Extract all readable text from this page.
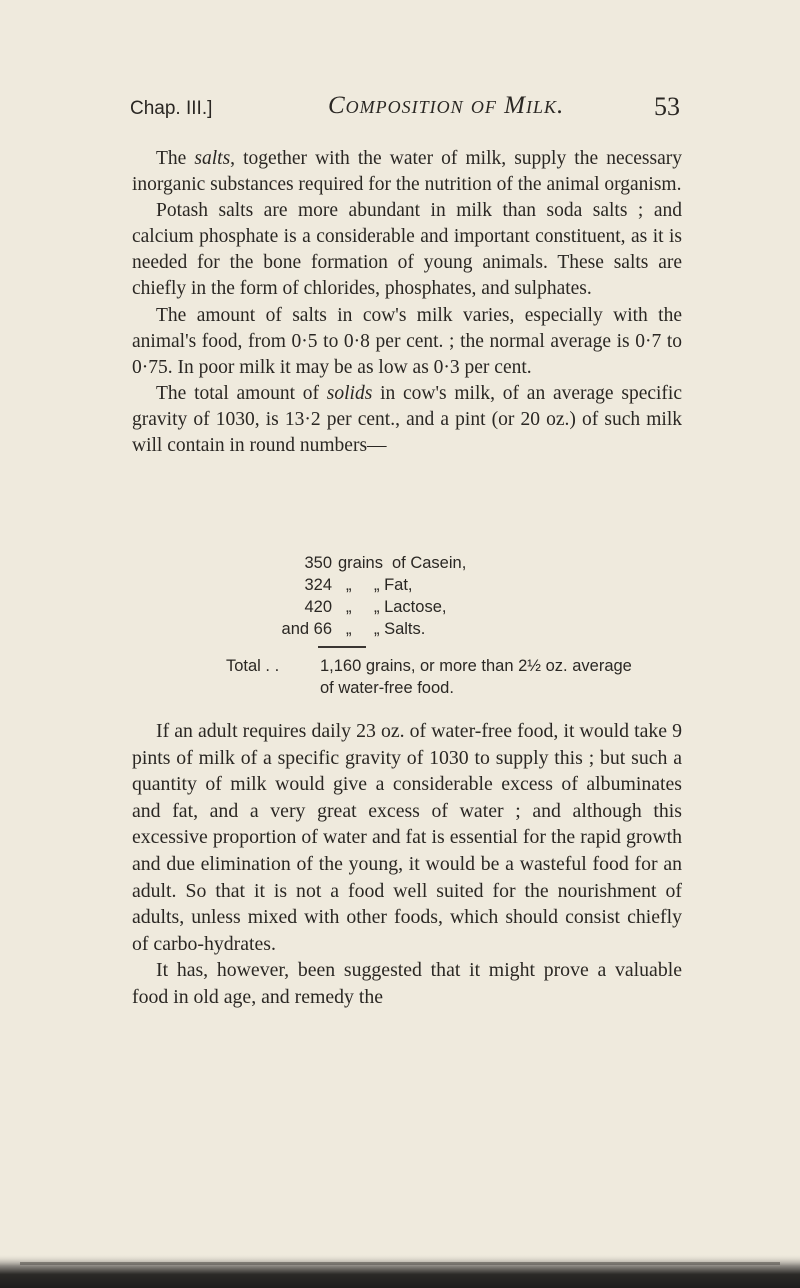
Chap. III.]	Composition of Milk.	53

The salts, together with the water of milk, supply the necessary inorganic substances required for the nutrition of the animal organism.

Potash salts are more abundant in milk than soda salts ; and calcium phosphate is a considerable and important constituent, as it is needed for the bone formation of young animals. These salts are chiefly in the form of chlorides, phosphates, and sulphates.

The amount of salts in cow's milk varies, especially with the animal's food, from 0·5 to 0·8 per cent. ; the normal average is 0·7 to 0·75. In poor milk it may be as low as 0·3 per cent.

The total amount of solids in cow's milk, of an average specific gravity of 1030, is 13·2 per cent., and a pint (or 20 oz.) of such milk will contain in round numbers—

350 grains of Casein,
324 „ „ Fat,
420 „ „ Lactose,
and 66 „ „ Salts.
Total . . 1,160 grains, or more than 2½ oz. average
of water-free food.

If an adult requires daily 23 oz. of water-free food, it would take 9 pints of milk of a specific gravity of 1030 to supply this ; but such a quantity of milk would give a considerable excess of albuminates and fat, and a very great excess of water ; and although this excessive proportion of water and fat is essential for the rapid growth and due elimination of the young, it would be a wasteful food for an adult. So that it is not a food well suited for the nourishment of adults, unless mixed with other foods, which should consist chiefly of carbo-hydrates.

It has, however, been suggested that it might prove a valuable food in old age, and remedy the
